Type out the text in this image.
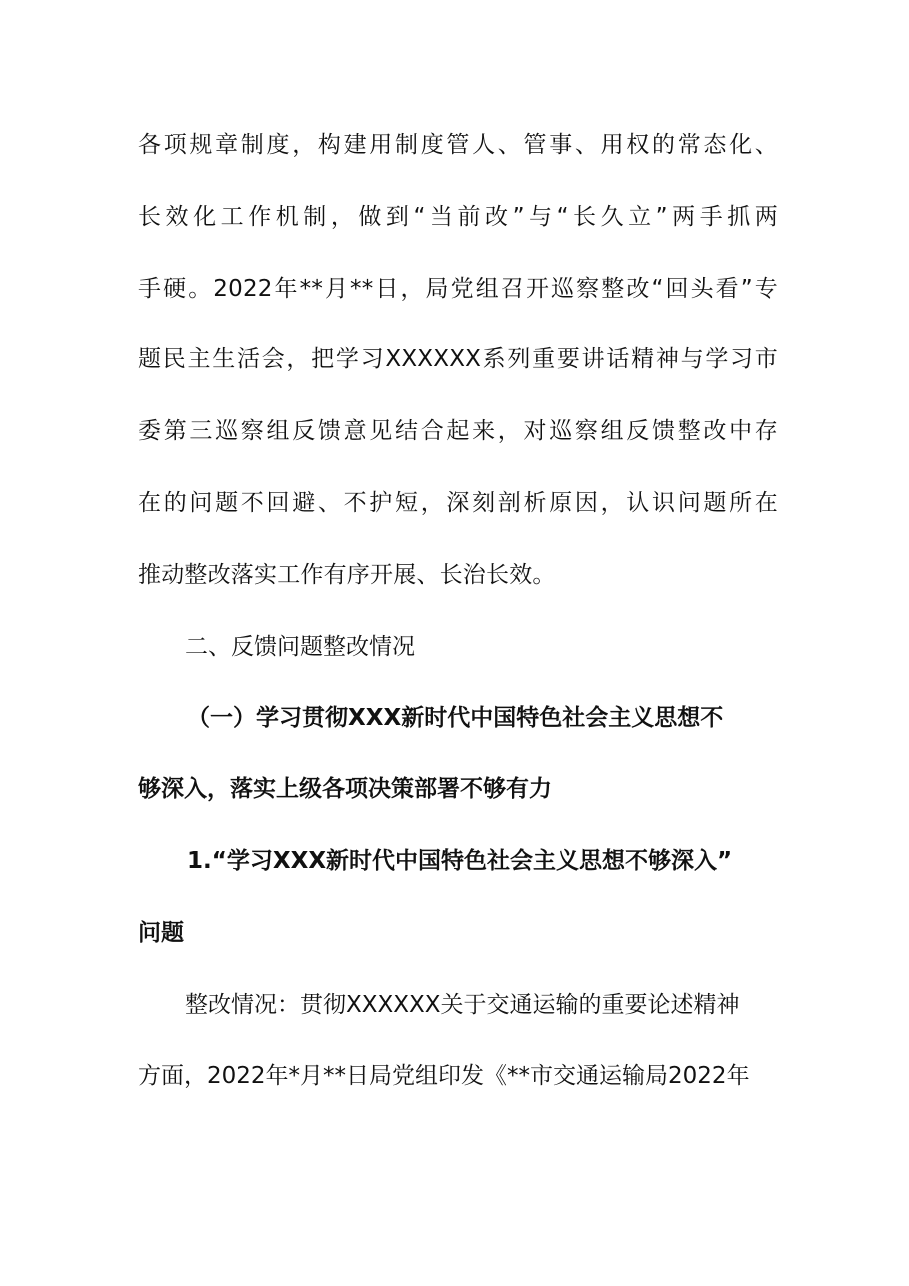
各项规章制度，构建用制度管人、管事、用权的常态化、
长效化工作机制，做到“当前改”与“长久立”两手抓两
手硬。2022年**月**日，局党组召开巡察整改“回头看”专
题民主生活会，把学习XXXXXX系列重要讲话精神与学习市
委第三巡察组反馈意见结合起来，对巡察组反馈整改中存
在的问题不回避、不护短，深刻剖析原因，认识问题所在
推动整改落实工作有序开展、长治长效。
二、反馈问题整改情况
（一）学习贯彻XXX新时代中国特色社会主义思想不
够深入，落实上级各项决策部署不够有力
1.“学习XXX新时代中国特色社会主义思想不够深入”
问题
整改情况：贯彻XXXXXX关于交通运输的重要论述精神
方面，2022年*月**日局党组印发《**市交通运输局2022年
